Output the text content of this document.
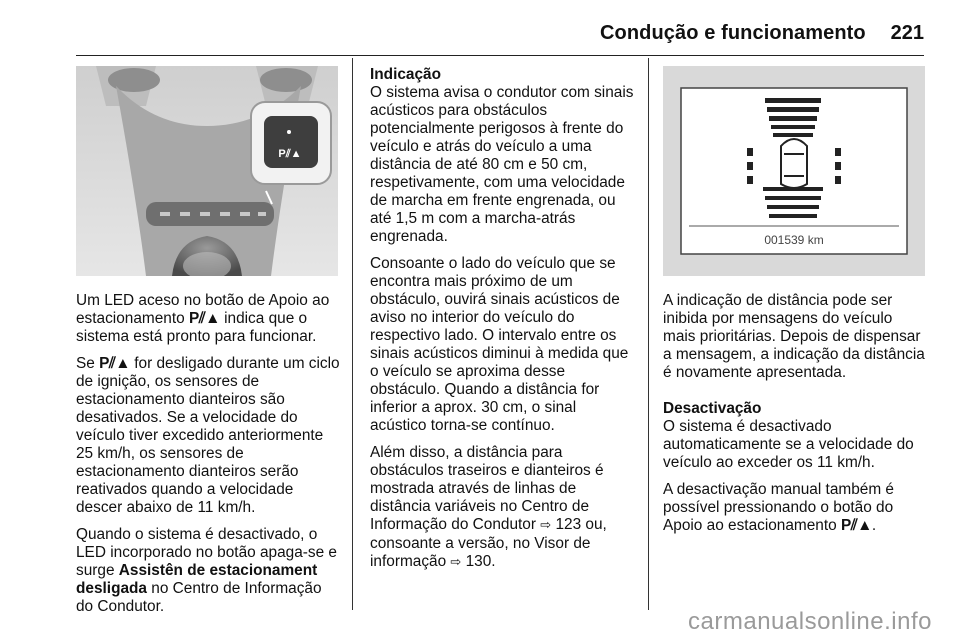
Condução e funcionamento 221
P⫽▲
001539 km

Um LED aceso no botão de Apoio ao estacionamento P⫽▲ indica que o sistema está pronto para funcionar.

Se P⫽▲ for desligado durante um ciclo de ignição, os sensores de estacionamento dianteiros são desativados. Se a velocidade do veículo tiver excedido anteriormente 25 km/h, os sensores de estacionamento dianteiros serão reativados quando a velocidade descer abaixo de 11 km/h.

Quando o sistema é desactivado, o LED incorporado no botão apaga-se e surge Assistên de estacionament desligada no Centro de Informação do Condutor.

Indicação

O sistema avisa o condutor com sinais acústicos para obstáculos potencialmente perigosos à frente do veículo e atrás do veículo a uma distância de até 80 cm e 50 cm, respetivamente, com uma velocidade de marcha em frente engrenada, ou até 1,5 m com a marcha-atrás engrenada.

Consoante o lado do veículo que se encontra mais próximo de um obstáculo, ouvirá sinais acústicos de aviso no interior do veículo do respectivo lado. O intervalo entre os sinais acústicos diminui à medida que o veículo se aproxima desse obstáculo. Quando a distância for inferior a aprox. 30 cm, o sinal acústico torna-se contínuo.

Além disso, a distância para obstáculos traseiros e dianteiros é mostrada através de linhas de distância variáveis no Centro de Informação do Condutor ⇨ 123 ou, consoante a versão, no Visor de informação ⇨ 130.

A indicação de distância pode ser inibida por mensagens do veículo mais prioritárias. Depois de dispensar a mensagem, a indicação da distância é novamente apresentada.

Desactivação

O sistema é desactivado automaticamente se a velocidade do veículo ao exceder os 11 km/h.

A desactivação manual também é possível pressionando o botão do Apoio ao estacionamento P⫽▲.

carmanualsonline.info
